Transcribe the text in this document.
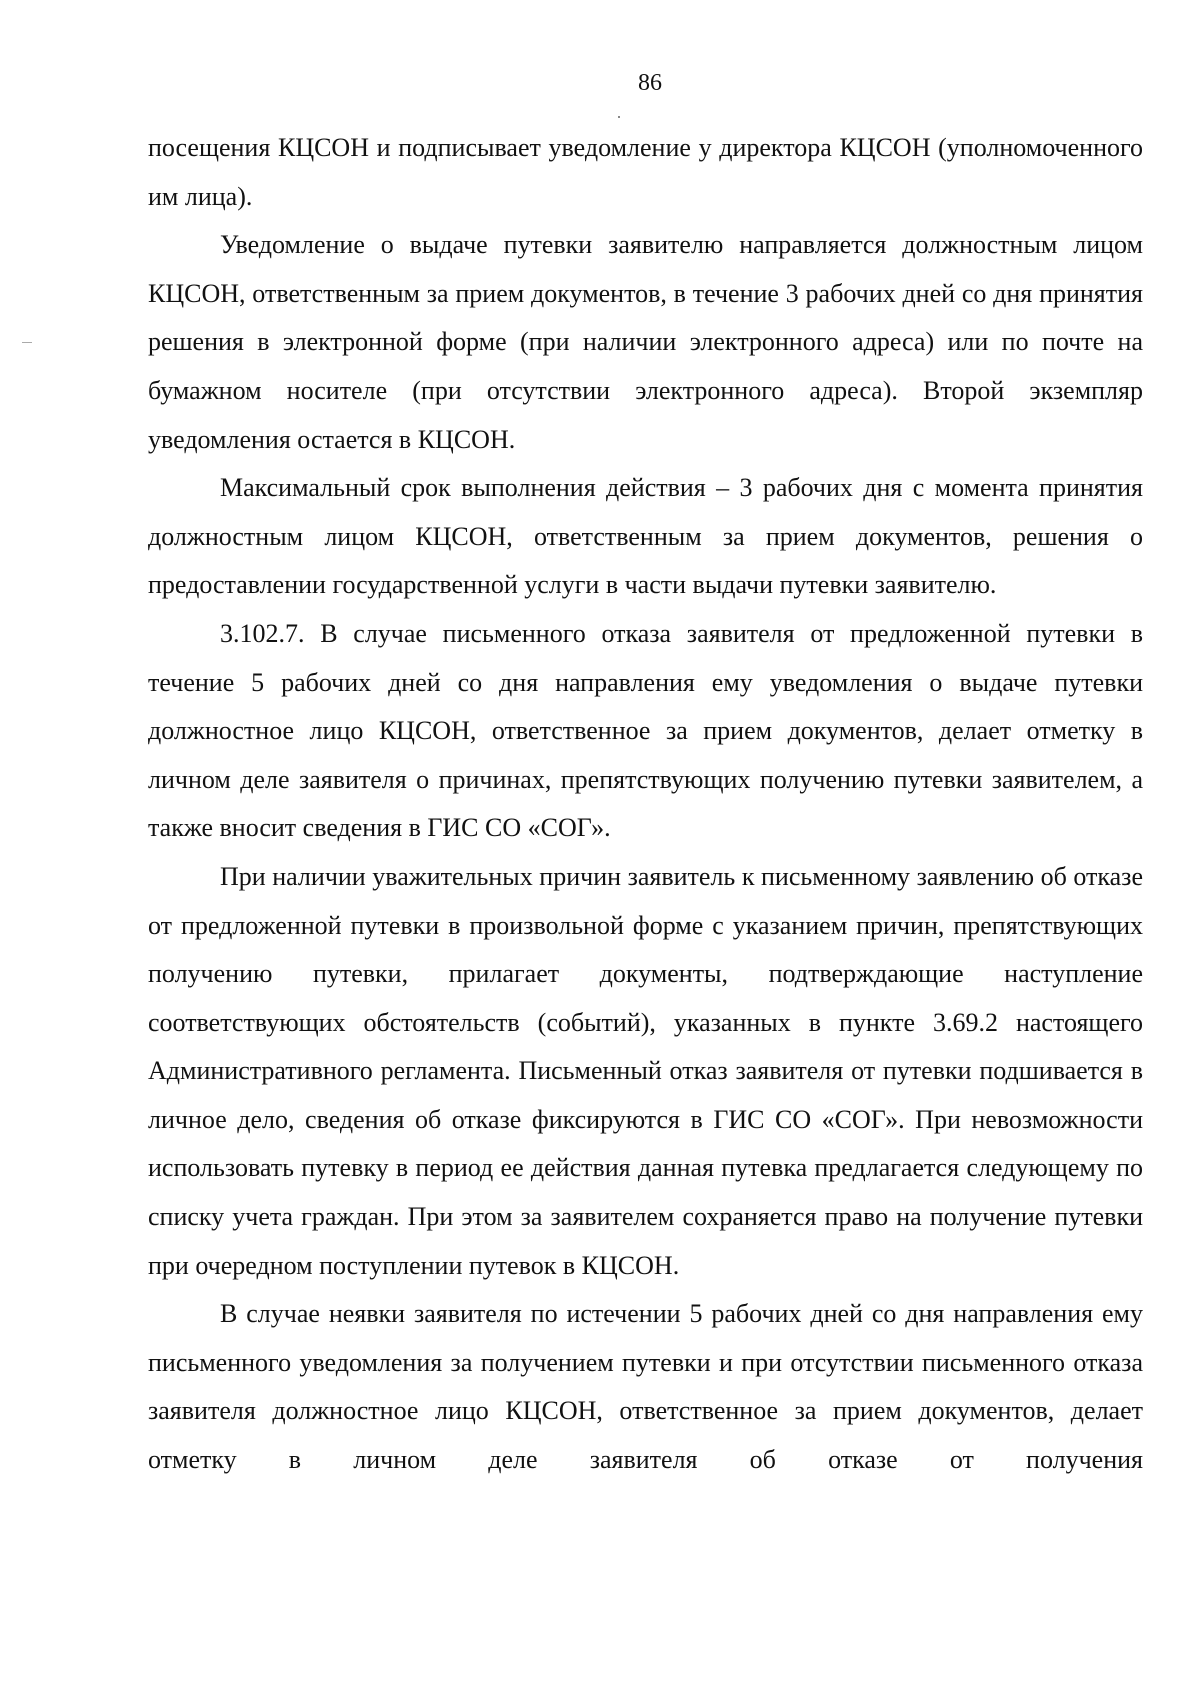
86

посещения КЦСОН и подписывает уведомление у директора КЦСОН (уполномоченного им лица).

Уведомление о выдаче путевки заявителю направляется должностным лицом КЦСОН, ответственным за прием документов, в течение 3 рабочих дней со дня принятия решения в электронной форме (при наличии электронного адреса) или по почте на бумажном носителе (при отсутствии электронного адреса). Второй экземпляр уведомления остается в КЦСОН.

Максимальный срок выполнения действия – 3 рабочих дня с момента принятия должностным лицом КЦСОН, ответственным за прием документов, решения о предоставлении государственной услуги в части выдачи путевки заявителю.

3.102.7. В случае письменного отказа заявителя от предложенной путевки в течение 5 рабочих дней со дня направления ему уведомления о выдаче путевки должностное лицо КЦСОН, ответственное за прием документов, делает отметку в личном деле заявителя о причинах, препятствующих получению путевки заявителем, а также вносит сведения в ГИС СО «СОГ».

При наличии уважительных причин заявитель к письменному заявлению об отказе от предложенной путевки в произвольной форме с указанием причин, препятствующих получению путевки, прилагает документы, подтверждающие наступление соответствующих обстоятельств (событий), указанных в пункте 3.69.2 настоящего Административного регламента. Письменный отказ заявителя от путевки подшивается в личное дело, сведения об отказе фиксируются в ГИС СО «СОГ». При невозможности использовать путевку в период ее действия данная путевка предлагается следующему по списку учета граждан. При этом за заявителем сохраняется право на получение путевки при очередном поступлении путевок в КЦСОН.

В случае неявки заявителя по истечении 5 рабочих дней со дня направления ему письменного уведомления за получением путевки и при отсутствии письменного отказа заявителя должностное лицо КЦСОН, ответственное за прием документов, делает отметку в личном деле заявителя об отказе от получения
